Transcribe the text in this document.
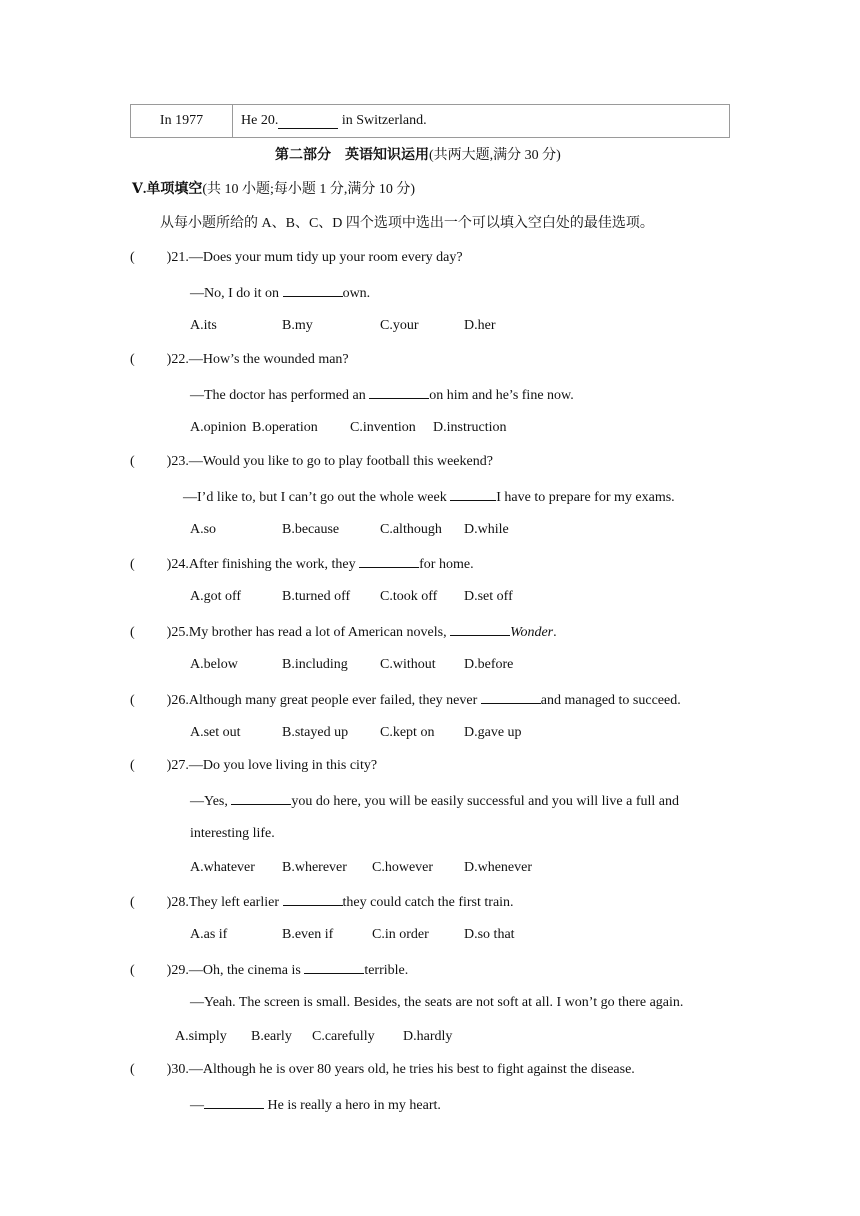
In 1977	He 20.	in Switzerland.
第二部分　英语知识运用(共两大题,满分 30 分)
Ⅴ.单项填空(共 10 小题;每小题 1 分,满分 10 分)
从每小题所给的 A、B、C、D 四个选项中选出一个可以填入空白处的最佳选项。
( )21.—Does your mum tidy up your room every day?
—No, I do it on	own.
A.its	B.my	C.your	D.her
( )22.—How’s the wounded man?
—The doctor has performed an	on him and he’s fine now.
A.opinion B.operation C.invention D.instruction
( )23.—Would you like to go to play football this weekend?
—I’d like to, but I can’t go out the whole week	I have to prepare for my exams.
A.so	B.because	C.although D.while
( )24.After finishing the work, they	for home.
A.got off	B.turned off C.took off D.set off
( )25.My brother has read a lot of American novels,	Wonder.
A.below	B.including C.without D.before
( )26.Although many great people ever failed, they never	and managed to succeed.
A.set out	B.stayed up C.kept on D.gave up
( )27.—Do you love living in this city?
—Yes,	you do here, you will be easily successful and you will live a full and
interesting life.
A.whatever B.wherever C.however D.whenever
( )28.They left earlier	they could catch the first train.
A.as if	B.even if	C.in order	D.so that
( )29.—Oh, the cinema is	terrible.
—Yeah. The screen is small. Besides, the seats are not soft at all. I won’t go there again.
A.simply B.early C.carefully D.hardly
( )30.—Although he is over 80 years old, he tries his best to fight against the disease.
—	He is really a hero in my heart.
